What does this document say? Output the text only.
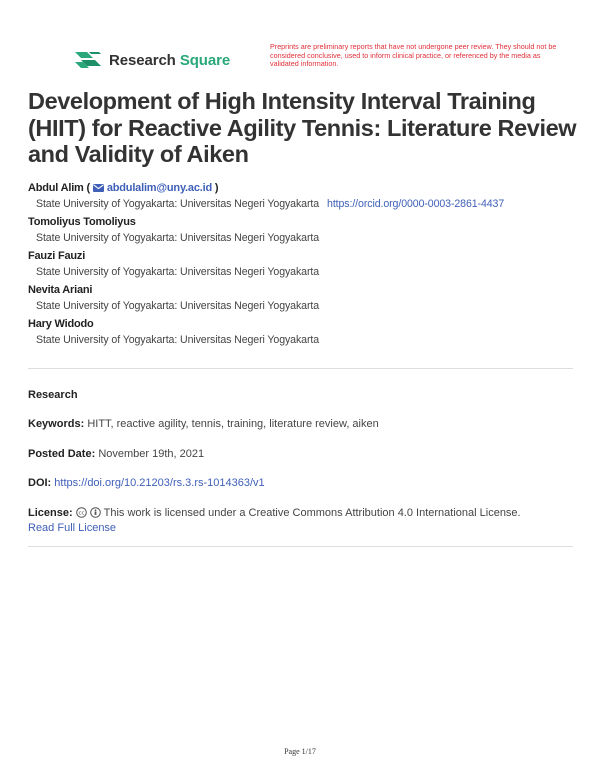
Research Square
Preprints are preliminary reports that have not undergone peer review. They should not be considered conclusive, used to inform clinical practice, or referenced by the media as validated information.
Development of High Intensity Interval Training (HIIT) for Reactive Agility Tennis: Literature Review and Validity of Aiken
Abdul Alim ( abdulalim@uny.ac.id )
State University of Yogyakarta: Universitas Negeri Yogyakarta https://orcid.org/0000-0003-2861-4437
Tomoliyus Tomoliyus
State University of Yogyakarta: Universitas Negeri Yogyakarta
Fauzi Fauzi
State University of Yogyakarta: Universitas Negeri Yogyakarta
Nevita Ariani
State University of Yogyakarta: Universitas Negeri Yogyakarta
Hary Widodo
State University of Yogyakarta: Universitas Negeri Yogyakarta
Research
Keywords: HITT, reactive agility, tennis, training, literature review, aiken
Posted Date: November 19th, 2021
DOI: https://doi.org/10.21203/rs.3.rs-1014363/v1
License: cc This work is licensed under a Creative Commons Attribution 4.0 International License.
Read Full License
Page 1/17
